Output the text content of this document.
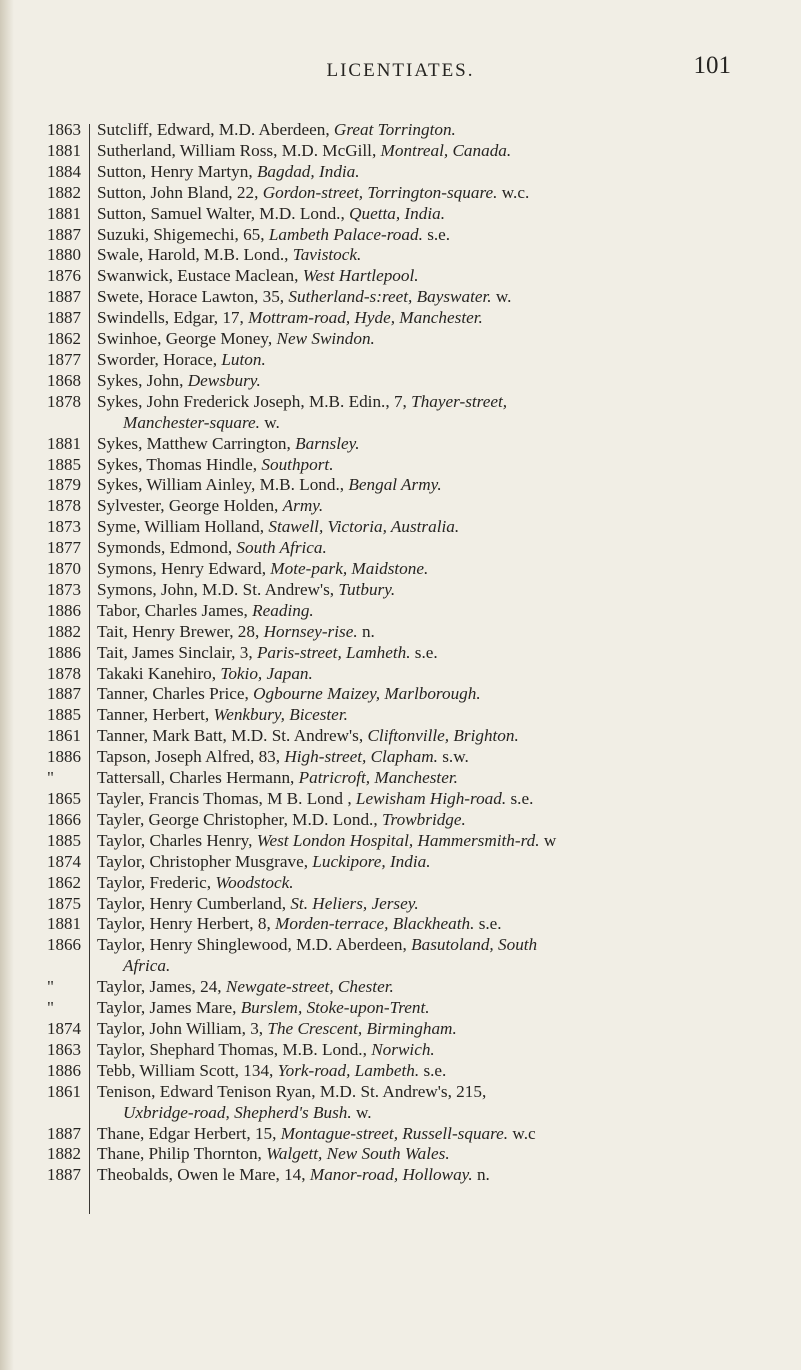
LICENTIATES.	101
1863 Sutcliff, Edward, M.D. Aberdeen, Great Torrington.
1881 Sutherland, William Ross, M.D. McGill, Montreal, Canada.
1884 Sutton, Henry Martyn, Bagdad, India.
1882 Sutton, John Bland, 22, Gordon-street, Torrington-square. w.c.
1881 Sutton, Samuel Walter, M.D. Lond., Quetta, India.
1887 Suzuki, Shigemechi, 65, Lambeth Palace-road. s.e.
1880 Swale, Harold, M.B. Lond., Tavistock.
1876 Swanwick, Eustace Maclean, West Hartlepool.
1887 Swete, Horace Lawton, 35, Sutherland-s:reet, Bayswater. w.
1887 Swindells, Edgar, 17, Mottram-road, Hyde, Manchester.
1862 Swinhoe, George Money, New Swindon.
1877 Sworder, Horace, Luton.
1868 Sykes, John, Dewsbury.
1878 Sykes, John Frederick Joseph, M.B. Edin., 7, Thayer-street,
Manchester-square. w.
1881 Sykes, Matthew Carrington, Barnsley.
1885 Sykes, Thomas Hindle, Southport.
1879 Sykes, William Ainley, M.B. Lond., Bengal Army.
1878 Sylvester, George Holden, Army.
1873 Syme, William Holland, Stawell, Victoria, Australia.
1877 Symonds, Edmond, South Africa.
1870 Symons, Henry Edward, Mote-park, Maidstone.
1873 Symons, John, M.D. St. Andrew's, Tutbury.
1886 Tabor, Charles James, Reading.
1882 Tait, Henry Brewer, 28, Hornsey-rise. n.
1886 Tait, James Sinclair, 3, Paris-street, Lamheth. s.e.
1878 Takaki Kanehiro, Tokio, Japan.
1887 Tanner, Charles Price, Ogbourne Maizey, Marlborough.
1885 Tanner, Herbert, Wenkbury, Bicester.
1861 Tanner, Mark Batt, M.D. St. Andrew's, Cliftonville, Brighton.
1886 Tapson, Joseph Alfred, 83, High-street, Clapham. s.w.
"	Tattersall, Charles Hermann, Patricroft, Manchester.
1865 Tayler, Francis Thomas, M B. Lond , Lewisham High-road. s.e.
1866 Tayler, George Christopher, M.D. Lond., Trowbridge.
1885 Taylor, Charles Henry, West London Hospital, Hammersmith-rd. w
1874 Taylor, Christopher Musgrave, Luckipore, India.
1862 Taylor, Frederic, Woodstock.
1875 Taylor, Henry Cumberland, St. Heliers, Jersey.
1881 Taylor, Henry Herbert, 8, Morden-terrace, Blackheath. s.e.
1866 Taylor, Henry Shinglewood, M.D. Aberdeen, Basutoland, South
Africa.
"	Taylor, James, 24, Newgate-street, Chester.
"	Taylor, James Mare, Burslem, Stoke-upon-Trent.
1874 Taylor, John William, 3, The Crescent, Birmingham.
1863 Taylor, Shephard Thomas, M.B. Lond., Norwich.
1886 Tebb, William Scott, 134, York-road, Lambeth. s.e.
1861 Tenison, Edward Tenison Ryan, M.D. St. Andrew's, 215,
Uxbridge-road, Shepherd's Bush. w.
1887 Thane, Edgar Herbert, 15, Montague-street, Russell-square. w.c
1882 Thane, Philip Thornton, Walgett, New South Wales.
1887 Theobalds, Owen le Mare, 14, Manor-road, Holloway. n.
